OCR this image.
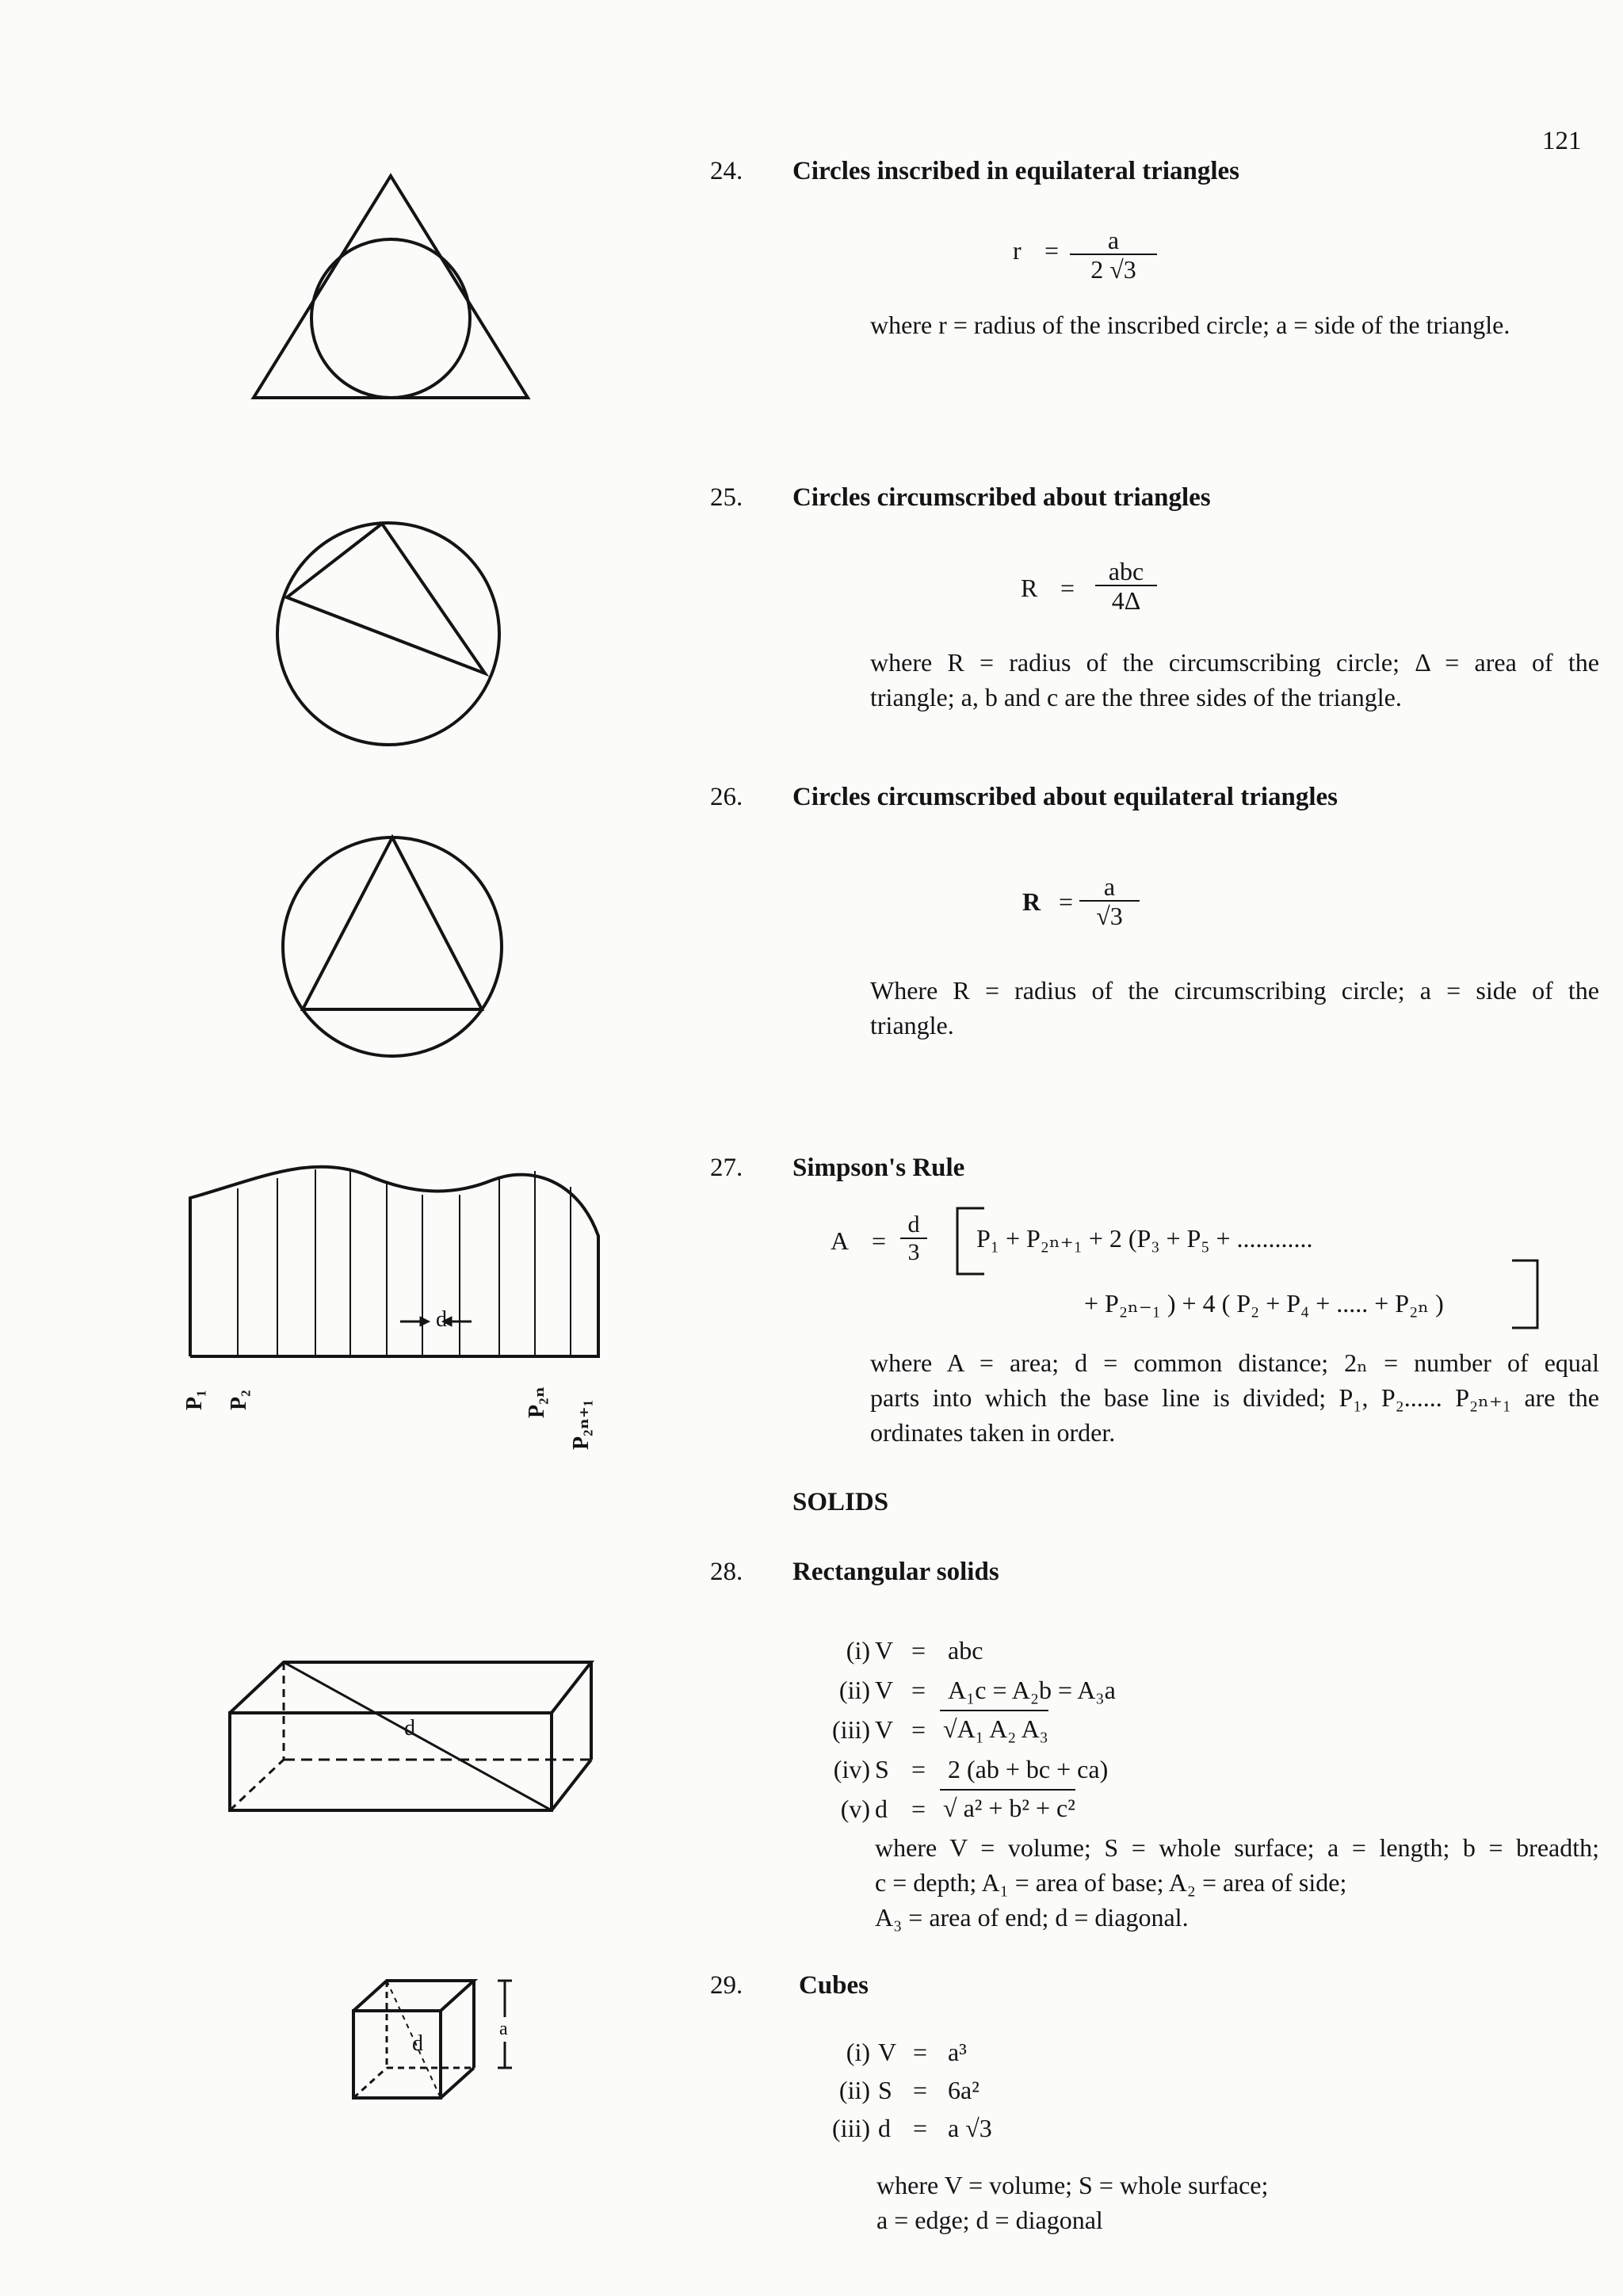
121
24. Circles inscribed in equilateral triangles
r =	a
2 √3
where r = radius of the inscribed circle; a = side of the triangle.
25. Circles circumscribed about triangles
R =
abc
4Δ
where R = radius of the circumscribing circle; Δ = area of the
triangle; a, b and c are the three sides of the triangle.
26. Circles circumscribed about equilateral triangles
$R = \frac{a}{√3}$
Where R = radius of the circumscribing circle; a = side of the
triangle.
27. Simpson's Rule
$A = \frac{d}{3} P_1 + P_{2n+1} + 2$ (P₃ + P₅ + ............
+ P₂ₙ₋₁ ) + 4 ( P₂ + P₄ + ..... + P₂ₙ )
where A = area; d = common distance; 2ₙ = number of equal
parts into which the base line is divided; P₁, P₂...... P₂ₙ₊₁ are the
ordinates taken in order.
d
P₁ P₂	P₂ₙ P₂ₙ₊₁
SOLIDS
28. Rectangular solids
(i) V = abc
(ii) V = A₁c = A₂b = A₃a
(iii) V = √A₁ A₂ A₃
(iv) S = 2 (ab + bc + ca)
(v) d = √ a² + b² + c²
where V = volume; S = whole surface; a = length; b = breadth;
c = depth; A₁ = area of base; A₂ = area of side;
A₃ = area of end; d = diagonal.
d
29. Cubes
(i) V = a³
(ii) S = 6a²
(iii) d = a √3
where V = volume; S = whole surface;
a = edge; d = diagonal
d
a
